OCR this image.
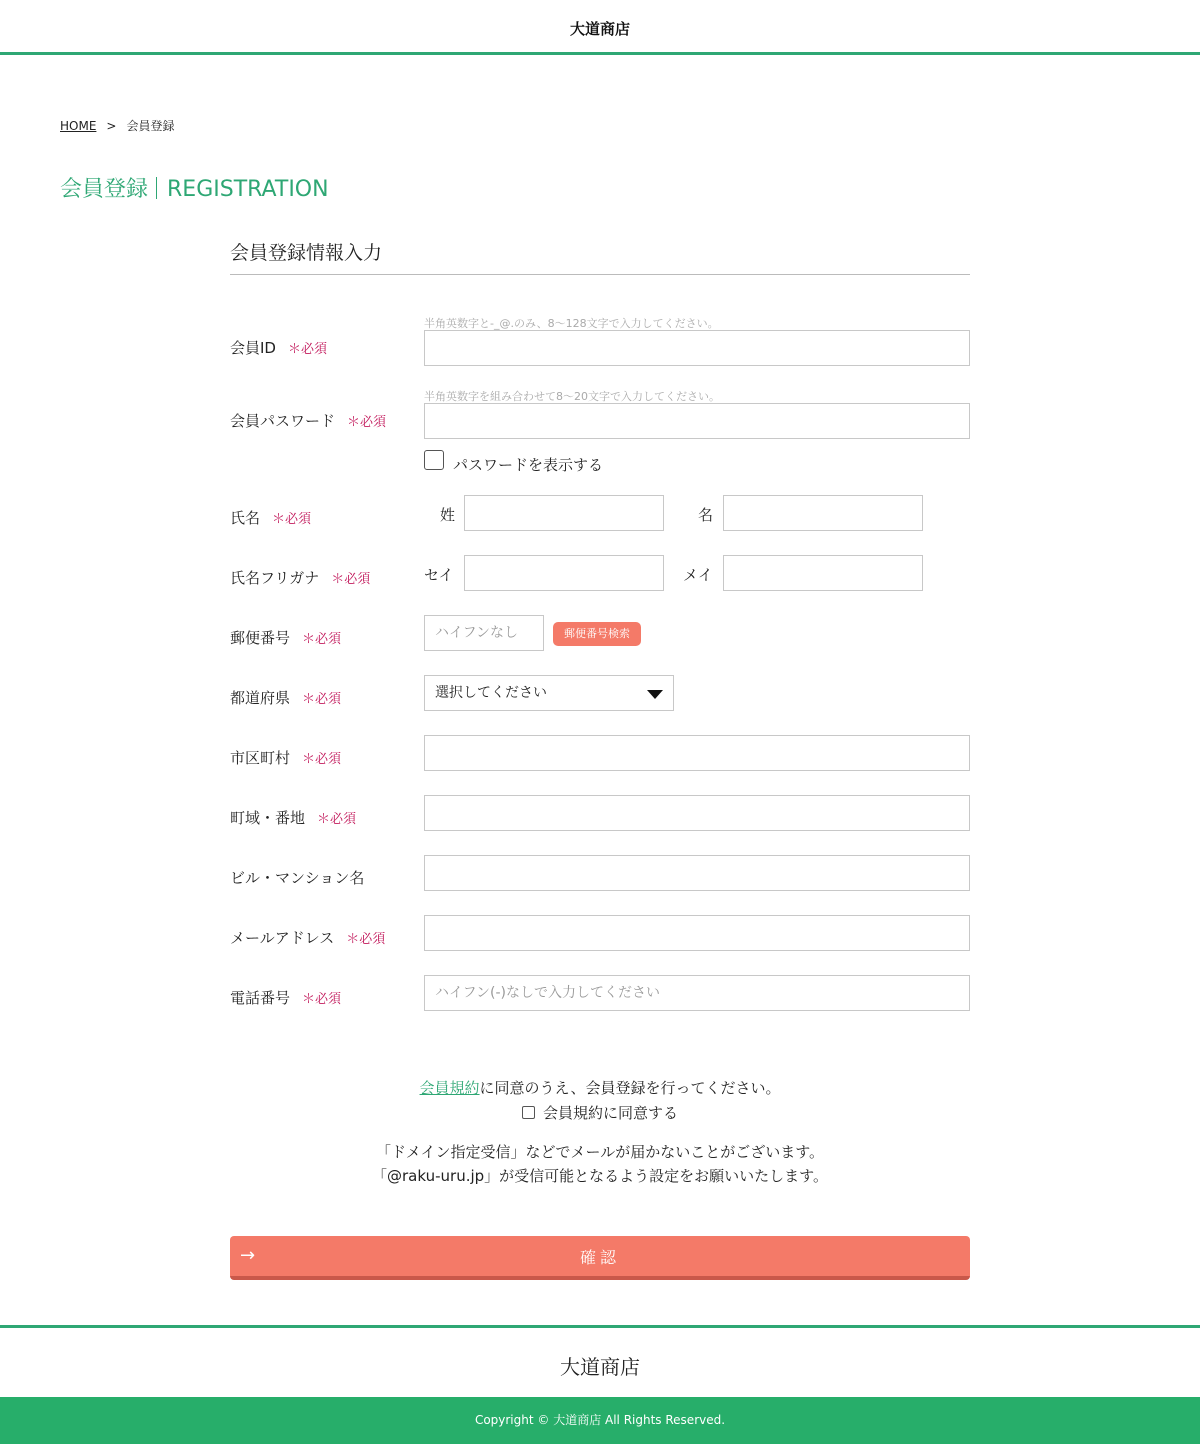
大道商店
HOME > 会員登録
会員登録 REGISTRATION
会員登録情報入力
会員ID ＊必須
半角英数字と-_@.のみ、8〜128文字で入力してください。
会員パスワード ＊必須
半角英数字を組み合わせて8〜20文字で入力してください。
パスワードを表示する
氏名 ＊必須	姓	名
氏名フリガナ ＊必須	セイ	メイ
郵便番号 ＊必須	ハイフンなし	郵便番号検索
都道府県 ＊必須	選択してください
市区町村 ＊必須
町域・番地 ＊必須
ビル・マンション名
メールアドレス ＊必須
電話番号 ＊必須	ハイフン(-)なしで入力してください
会員規約に同意のうえ、会員登録を行ってください。
会員規約に同意する
「ドメイン指定受信」などでメールが届かないことがございます。
「@raku-uru.jp」が受信可能となるよう設定をお願いいたします。
→	確認
大道商店
Copyright © 大道商店 All Rights Reserved.
